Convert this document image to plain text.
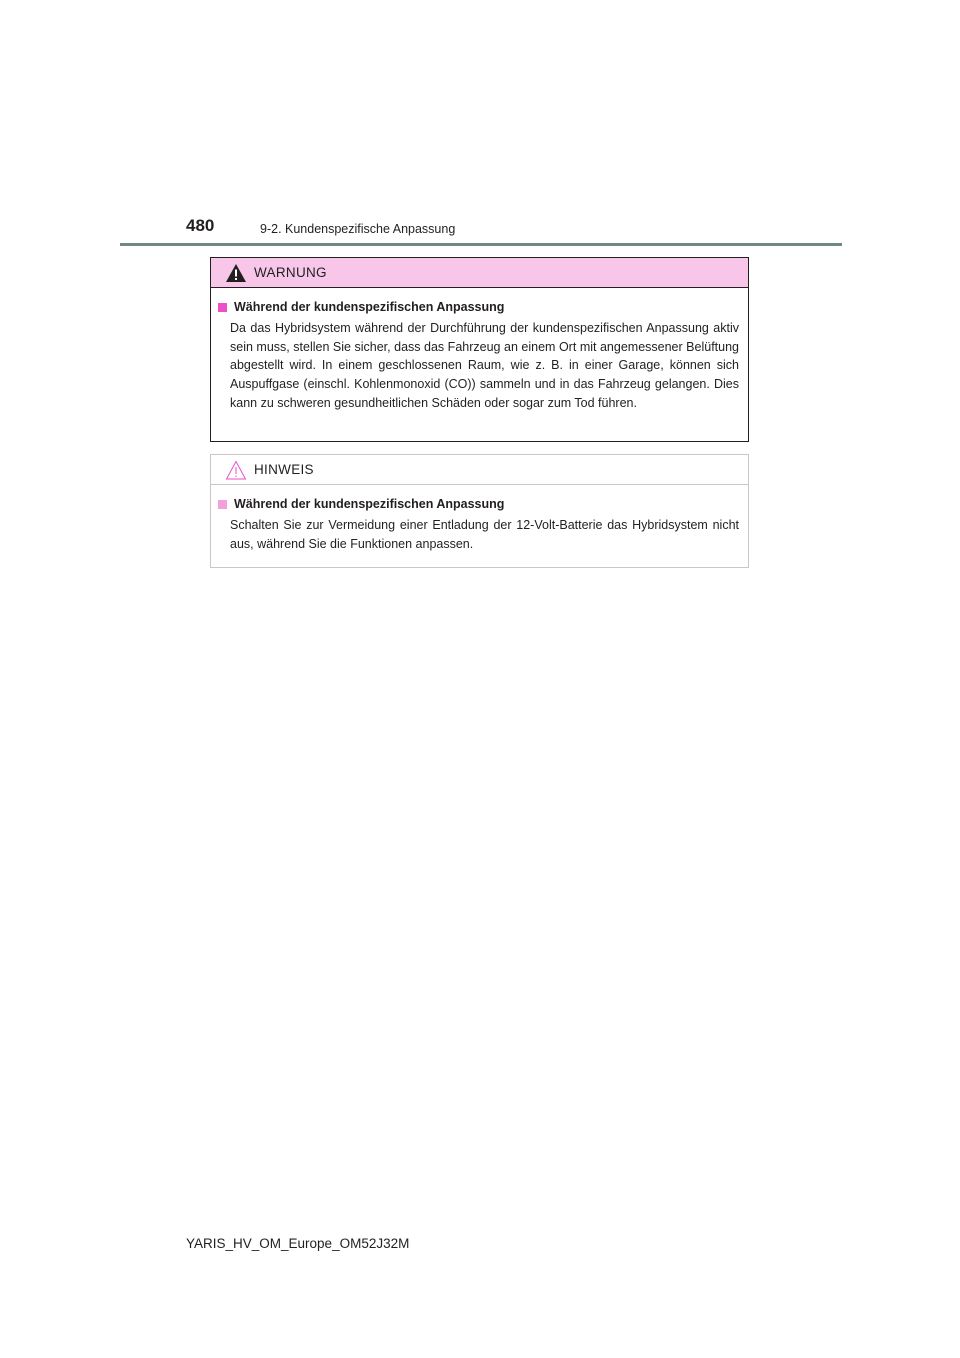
480	9-2. Kundenspezifische Anpassung
WARNUNG
Während der kundenspezifischen Anpassung
Da das Hybridsystem während der Durchführung der kundenspezifischen Anpassung aktiv sein muss, stellen Sie sicher, dass das Fahrzeug an einem Ort mit angemessener Belüftung abgestellt wird. In einem geschlossenen Raum, wie z. B. in einer Garage, können sich Auspuffgase (einschl. Kohlenmonoxid (CO)) sammeln und in das Fahrzeug gelangen. Dies kann zu schweren gesundheitlichen Schäden oder sogar zum Tod führen.
HINWEIS
Während der kundenspezifischen Anpassung
Schalten Sie zur Vermeidung einer Entladung der 12-Volt-Batterie das Hybridsystem nicht aus, während Sie die Funktionen anpassen.
YARIS_HV_OM_Europe_OM52J32M
